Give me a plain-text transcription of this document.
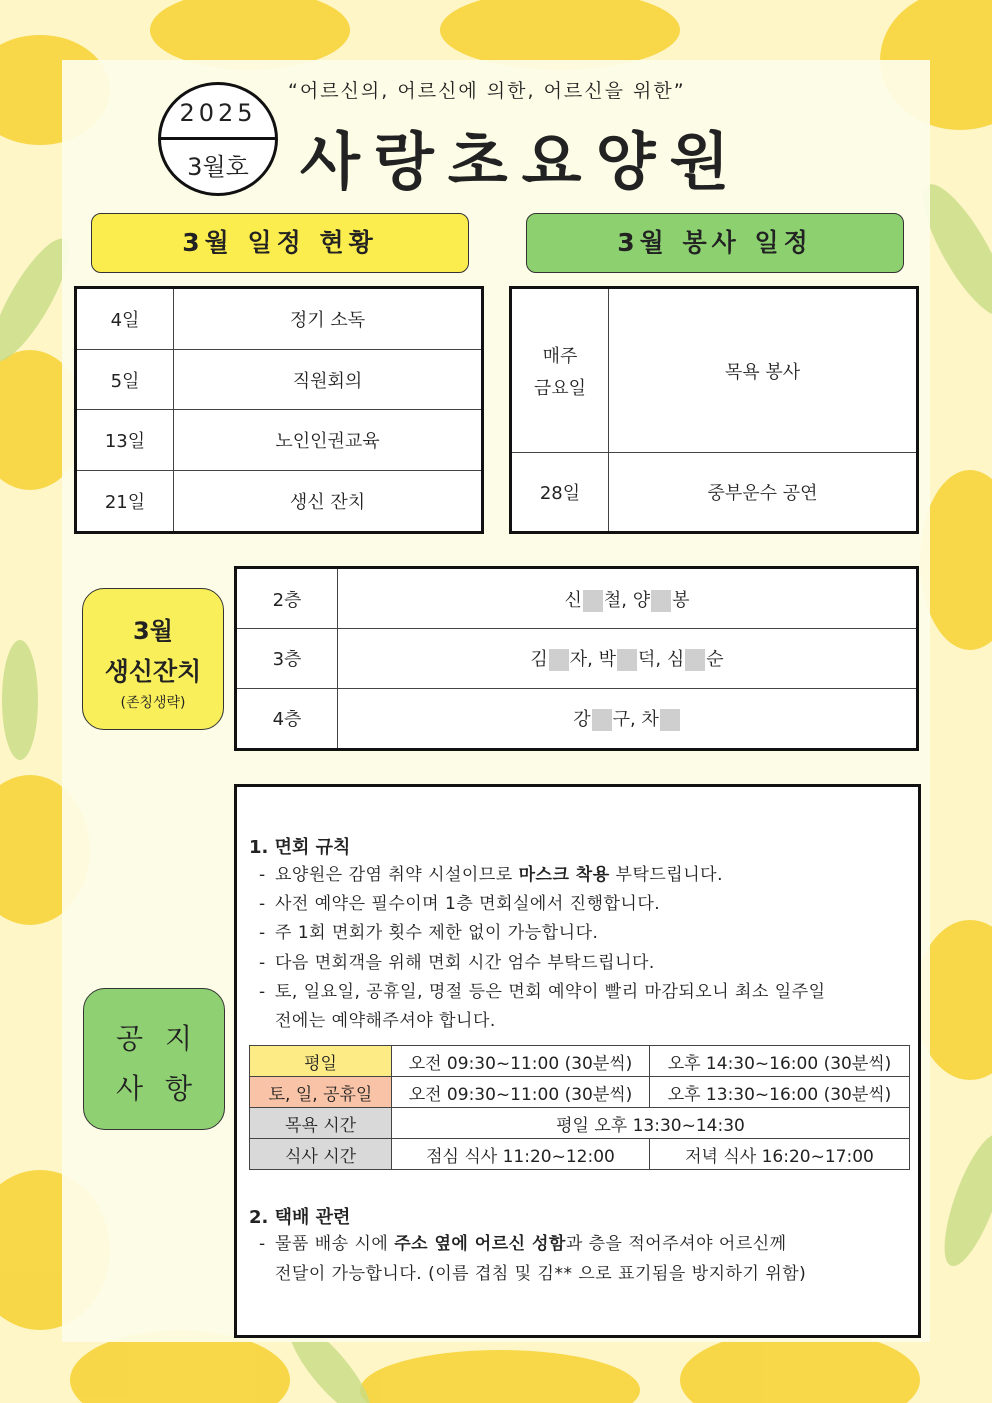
2025
3월호
“어르신의, 어르신에 의한, 어르신을 위한”
사랑초요양원
3월 일정 현황	3월 봉사 일정
4일	정기 소독
5일	직원회의
13일	노인인권교육
21일	생신 잔치
매주
금요일	목욕 봉사
28일	중부운수 공연
3월
생신잔치
(존칭생략)
2층	신 철, 양 봉
3층	김 자, 박 덕, 심 순
4층	강 구, 차
공지
사항
1. 면회 규칙
- 요양원은 감염 취약 시설이므로 마스크 착용 부탁드립니다.
- 사전 예약은 필수이며 1층 면회실에서 진행합니다.
- 주 1회 면회가 횟수 제한 없이 가능합니다.
- 다음 면회객을 위해 면회 시간 엄수 부탁드립니다.
- 토, 일요일, 공휴일, 명절 등은 면회 예약이 빨리 마감되오니 최소 일주일
전에는 예약해주셔야 합니다.
평일	오전 09:30~11:00 (30분씩)	오후 14:30~16:00 (30분씩)
토, 일, 공휴일	오전 09:30~11:00 (30분씩)	오후 13:30~16:00 (30분씩)
목욕 시간	평일 오후 13:30~14:30	
식사 시간	점심 식사 11:20~12:00	저녁 식사 16:20~17:00
2. 택배 관련
- 물품 배송 시에 주소 옆에 어르신 성함과 층을 적어주셔야 어르신께
전달이 가능합니다. (이름 겹침 및 김** 으로 표기됨을 방지하기 위함)
